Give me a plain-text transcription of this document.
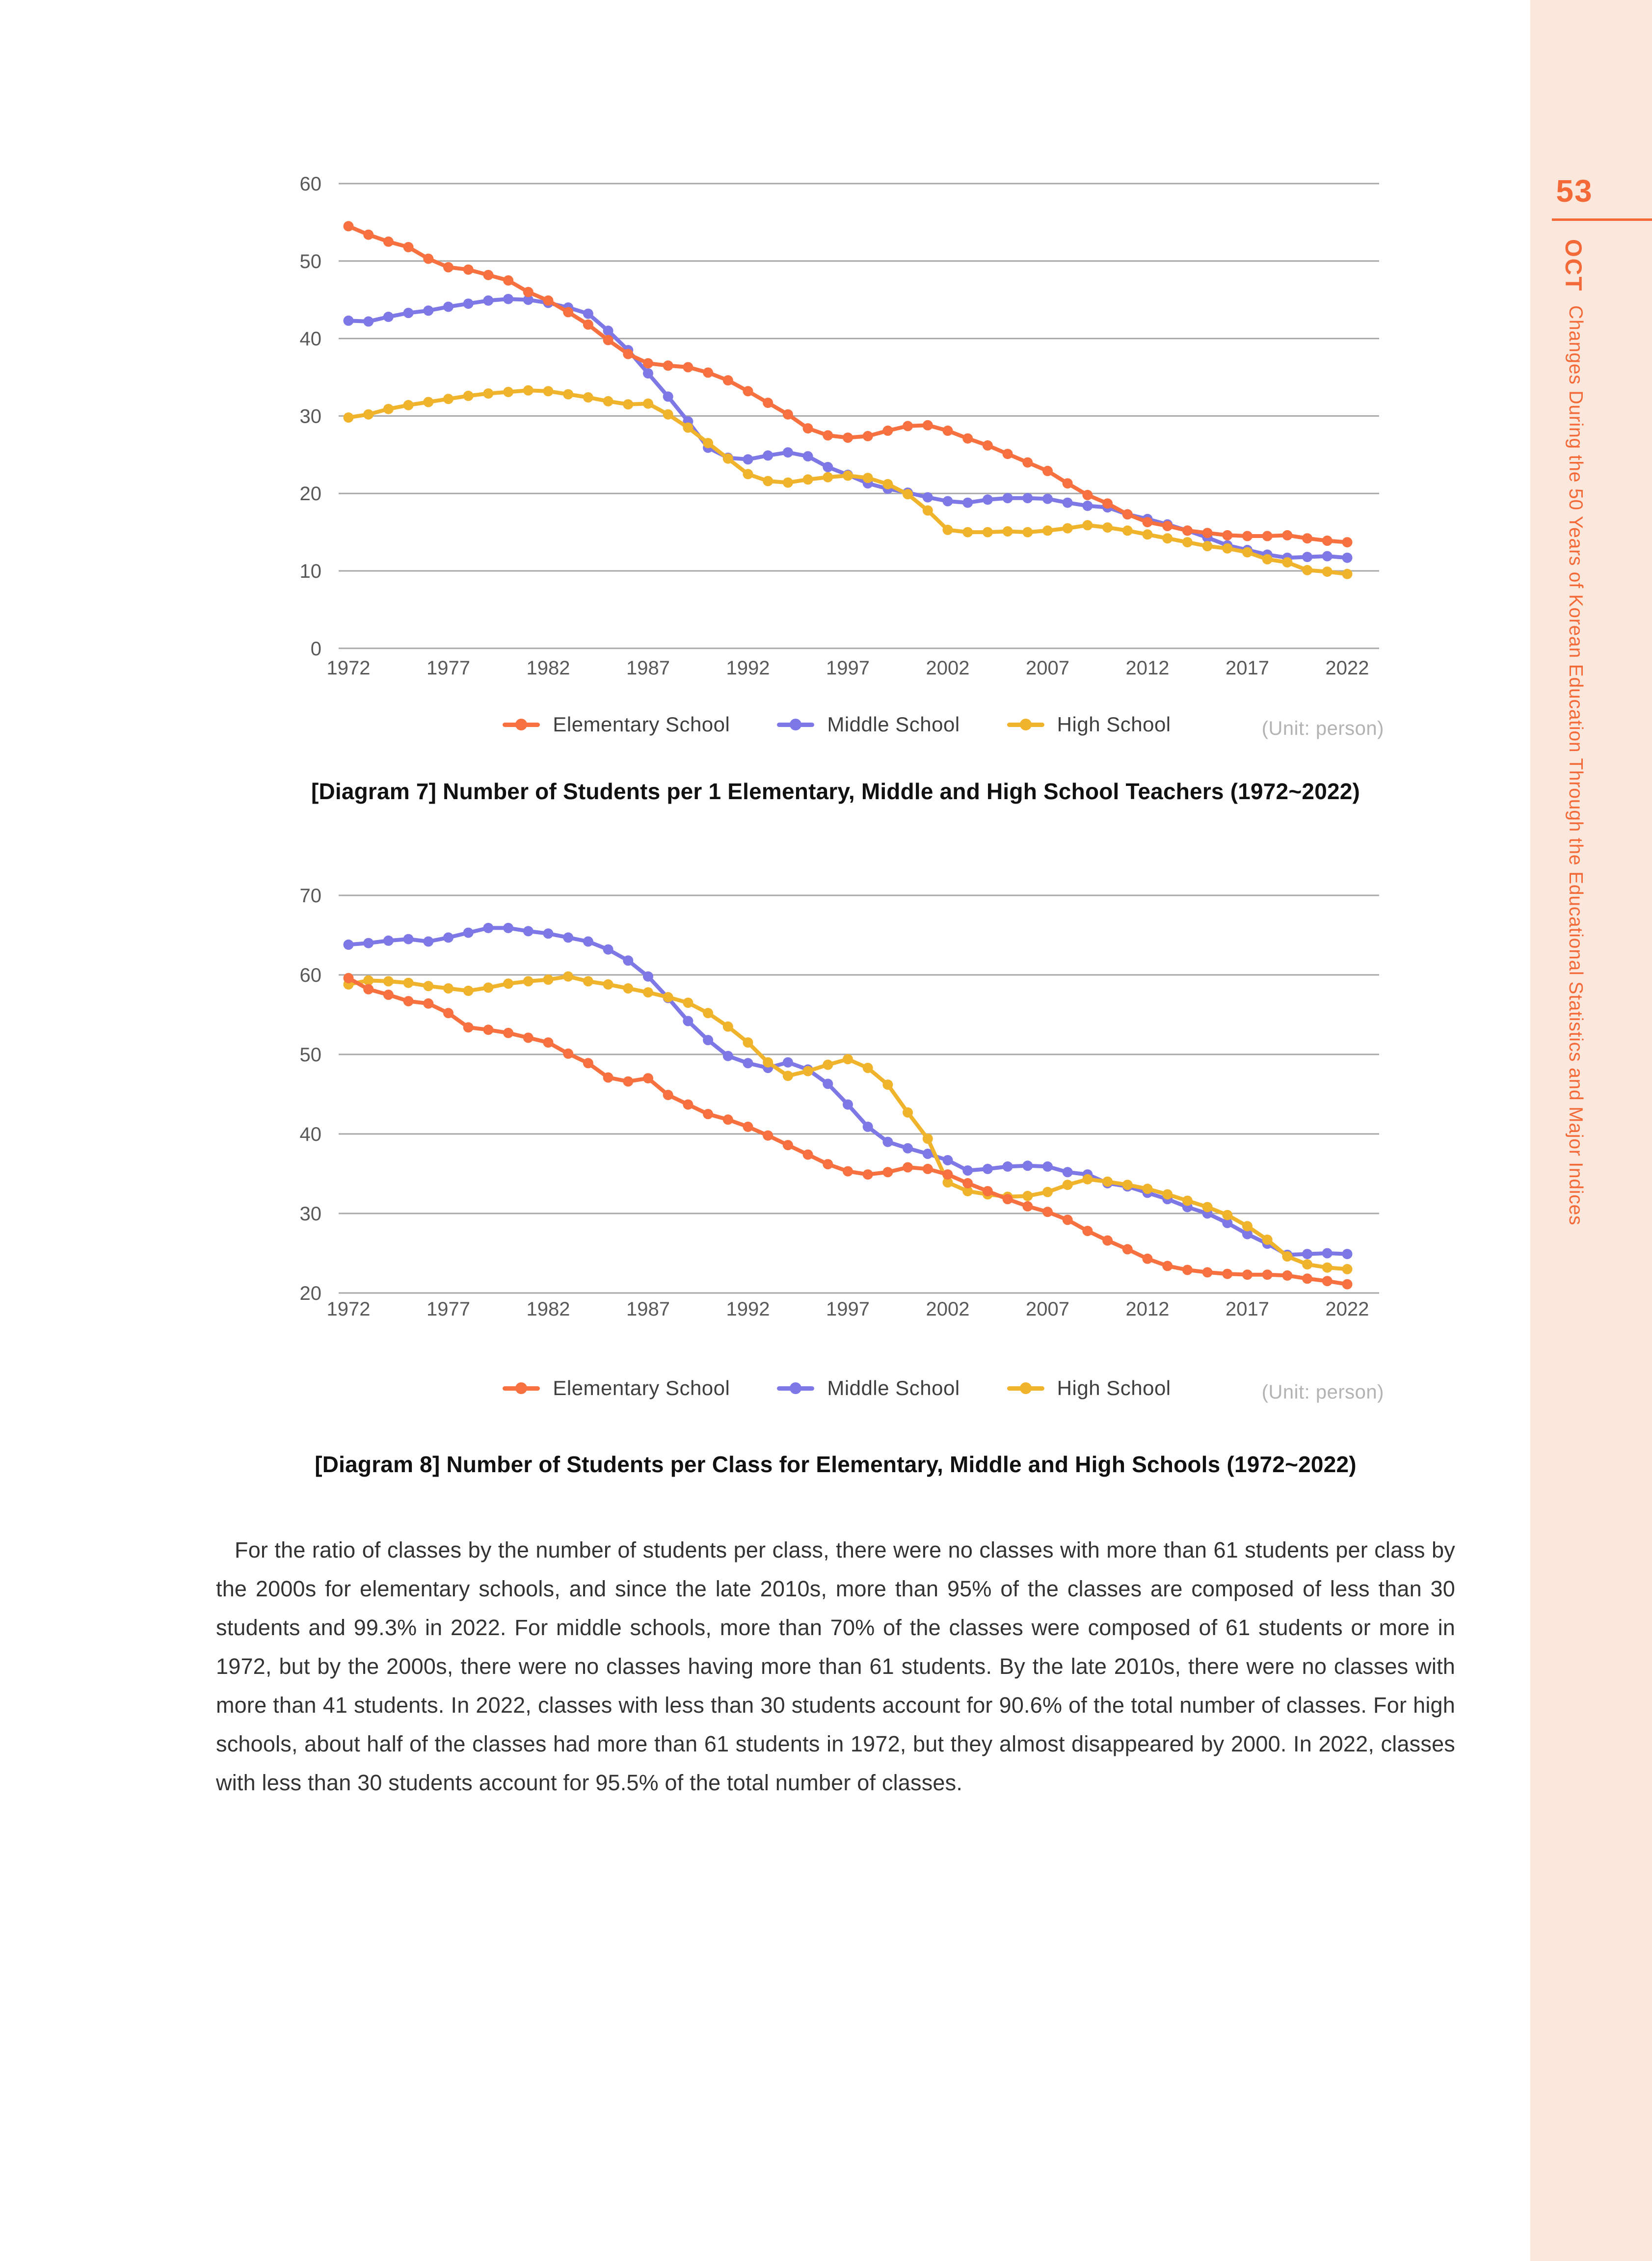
60
50
40
30
20
10
0
1972	1977	1982	1987	1992	1997	2002	2007	2012	2017	2022
Elementary School	Middle School	High School	(Unit: person)
[Diagram 7] Number of Students per 1 Elementary, Middle and High School Teachers (1972~2022)
70
60
50
40
30
20
1972	1977	1982	1987	1992	1997	2002	2007	2012	2017	2022
Elementary School	Middle School	High School	(Unit: person)
[Diagram 8] Number of Students per Class for Elementary, Middle and High Schools (1972~2022)

For the ratio of classes by the number of students per class, there were no classes with more than 61 students per class by the 2000s for elementary schools, and since the late 2010s, more than 95% of the classes are composed of less than 30 students and 99.3% in 2022. For middle schools, more than 70% of the classes were composed of 61 students or more in 1972, but by the 2000s, there were no classes having more than 61 students. By the late 2010s, there were no classes with more than 41 students. In 2022, classes with less than 30 students account for 90.6% of the total number of classes. For high schools, about half of the classes had more than 61 students in 1972, but they almost disappeared by 2000. In 2022, classes with less than 30 students account for 95.5% of the total number of classes.

53
OCT
Changes During the 50 Years of Korean Education Through the Educational Statistics and Major Indices
